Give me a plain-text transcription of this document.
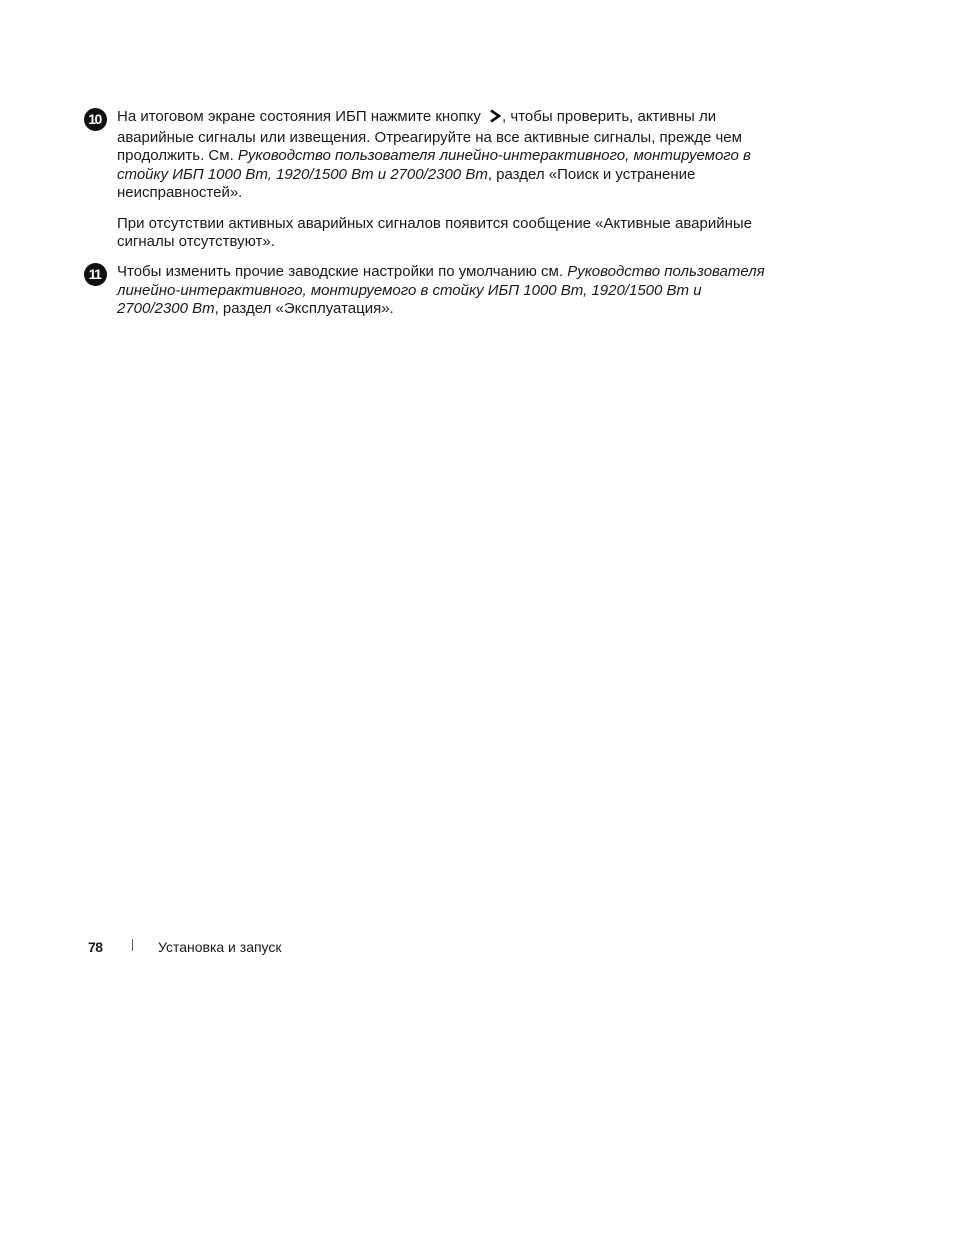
10	На итоговом экране состояния ИБП нажмите кнопку , чтобы проверить, активны ли аварийные сигналы или извещения. Отреагируйте на все активные сигналы, прежде чем продолжить. См. Руководство пользователя линейно-интерактивного, монтируемого в стойку ИБП 1000 Вт, 1920/1500 Вт и 2700/2300 Вт, раздел «Поиск и устранение неисправностей».

При отсутствии активных аварийных сигналов появится сообщение «Активные аварийные сигналы отсутствуют».

11	Чтобы изменить прочие заводские настройки по умолчанию см. Руководство пользователя линейно-интерактивного, монтируемого в стойку ИБП 1000 Вт, 1920/1500 Вт и 2700/2300 Вт, раздел «Эксплуатация».

78	Установка и запуск
